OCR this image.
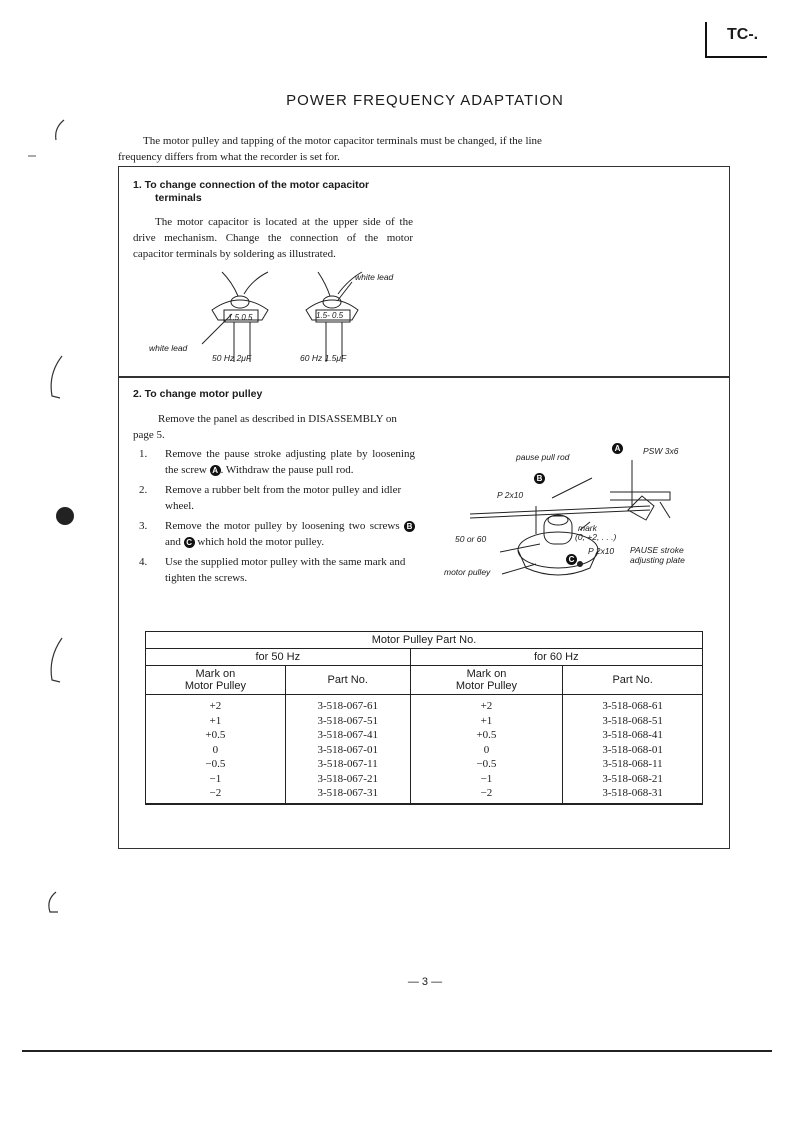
TC-.
POWER FREQUENCY ADAPTATION
The motor pulley and tapping of the motor capacitor terminals must be changed, if the line frequency differs from what the recorder is set for.
1. To change connection of the motor capacitor
terminals
The motor capacitor is located at the upper side of the drive mechanism. Change the connection of the motor capacitor terminals by soldering as illustrated.
white lead
1.5 0.5	1.5- 0.5
white lead
50 Hz 2μF	60 Hz 1.5μF
2. To change motor pulley
Remove the panel as described in DISASSEMBLY on page 5.
1.	Remove the pause stroke adjusting plate by loosening the screw A . Withdraw the pause pull rod.
2.	Remove a rubber belt from the motor pulley and idler wheel.
3.	Remove the motor pulley by loosening two screws B and C which hold the motor pulley.
4.	Use the supplied motor pulley with the same mark and tighten the screws.
A	PSW 3x6
pause pull rod
B
P 2x10
mark
(0, +2, . . .)
50 or 60
P 2x10
C
PAUSE stroke
adjusting plate
motor pulley
Motor Pulley Part No.			
for 50 Hz		for 60 Hz	
Mark on
Motor Pulley	Part No.	Mark on
Motor Pulley	Part No.
+2	3-518-067-61	+2	3-518-068-61
+1	3-518-067-51	+1	3-518-068-51
+0.5	3-518-067-41	+0.5	3-518-068-41
0	3-518-067-01	0	3-518-068-01
−0.5	3-518-067-11	−0.5	3-518-068-11
−1	3-518-067-21	−1	3-518-068-21
−2	3-518-067-31	−2	3-518-068-31
— 3 —
